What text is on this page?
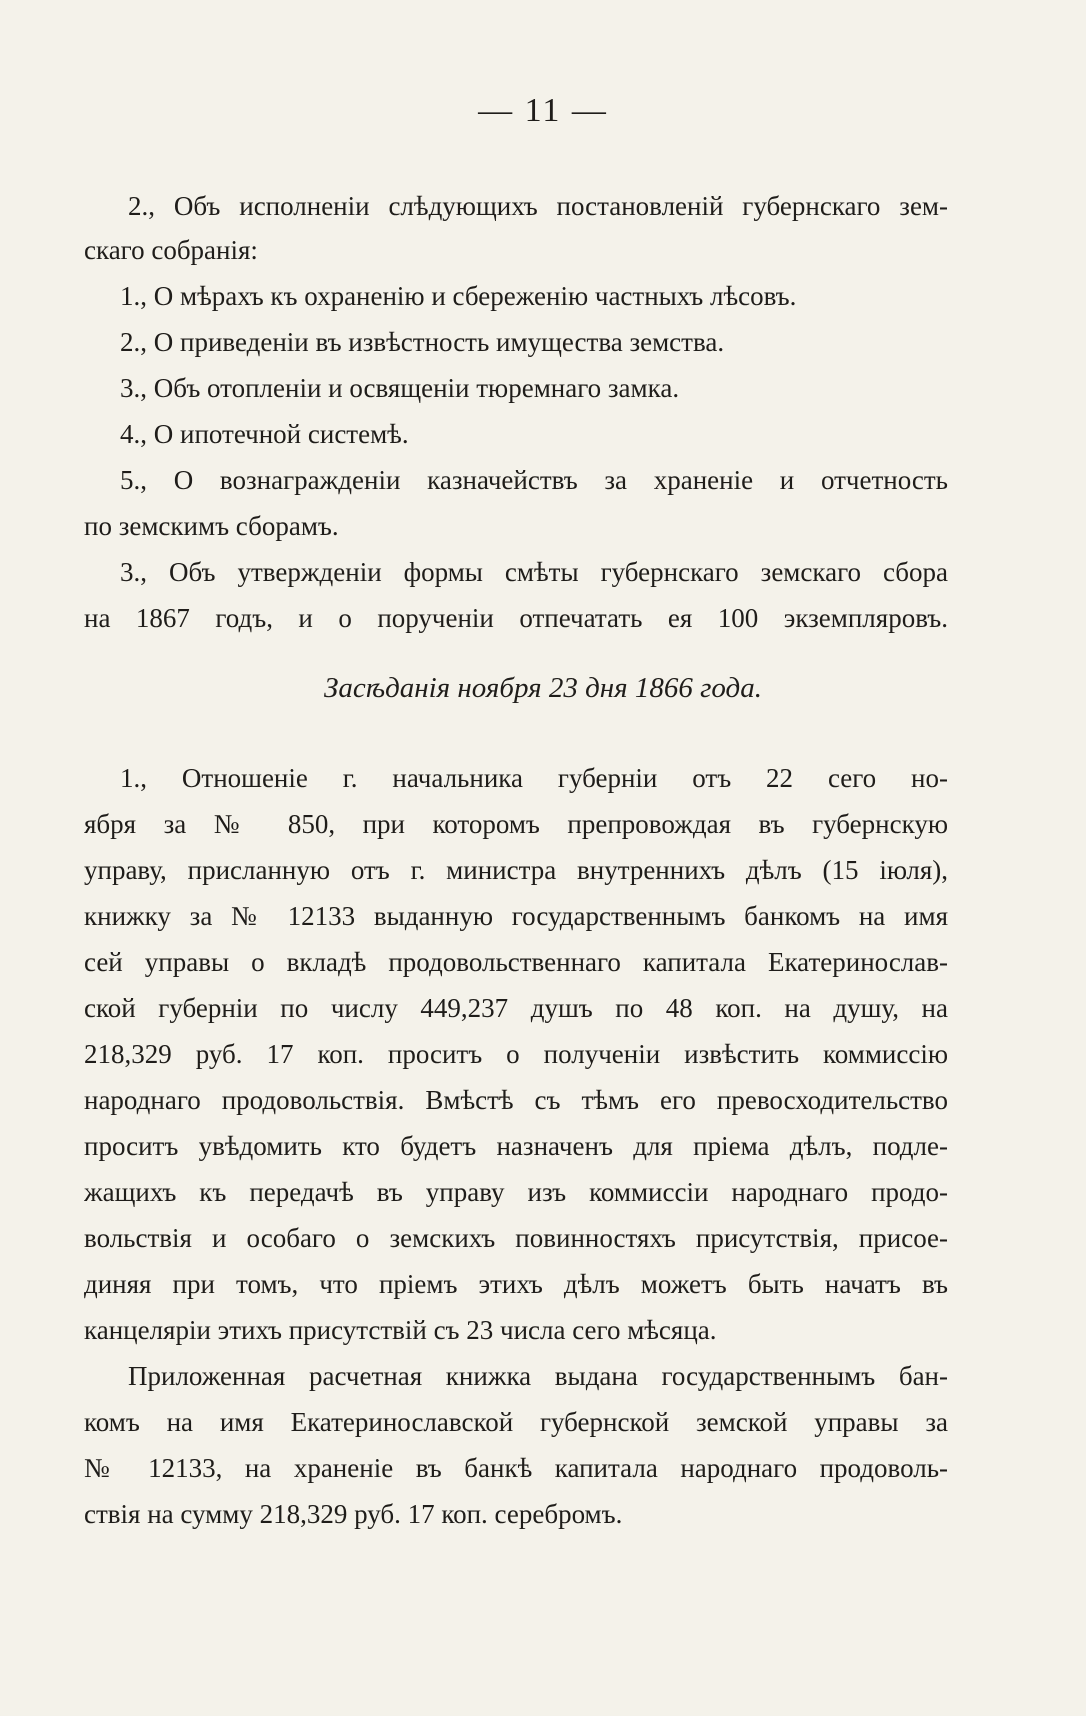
— 11 —
2., Объ исполненіи слѣдующихъ постановленій губернскаго зем-
скаго собранія:
1., О мѣрахъ къ охраненію и сбереженію частныхъ лѣсовъ.
2., О приведеніи въ извѣстность имущества земства.
3., Объ отопленіи и освященіи тюремнаго замка.
4., О ипотечной системѣ.
5., О вознагражденіи казначействъ за храненіе и отчетность
по земскимъ сборамъ.
3., Объ утвержденіи формы смѣты губернскаго земскаго сбора
на 1867 годъ, и о порученіи отпечатать ея 100 экземпляровъ.
Засѣданія ноября 23 дня 1866 года.
1., Отношеніе г. начальника губерніи отъ 22 сего но-
ября за № 850, при которомъ препровождая въ губернскую
управу, присланную отъ г. министра внутреннихъ дѣлъ (15 іюля),
книжку за № 12133 выданную государственнымъ банкомъ на имя
сей управы о вкладѣ продовольственнаго капитала Екатеринослав-
ской губерніи по числу 449,237 душъ по 48 коп. на душу, на
218,329 руб. 17 коп. проситъ о полученіи извѣстить коммиссію
народнаго продовольствія. Вмѣстѣ съ тѣмъ его превосходительство
проситъ увѣдомить кто будетъ назначенъ для пріема дѣлъ, подле-
жащихъ къ передачѣ въ управу изъ коммиссіи народнаго продо-
вольствія и особаго о земскихъ повинностяхъ присутствія, присое-
диняя при томъ, что пріемъ этихъ дѣлъ можетъ быть начатъ въ
канцеляріи этихъ присутствій съ 23 числа сего мѣсяца.
Приложенная расчетная книжка выдана государственнымъ бан-
комъ на имя Екатеринославской губернской земской управы за
№ 12133, на храненіе въ банкѣ капитала народнаго продоволь-
ствія на сумму 218,329 руб. 17 коп. серебромъ.
